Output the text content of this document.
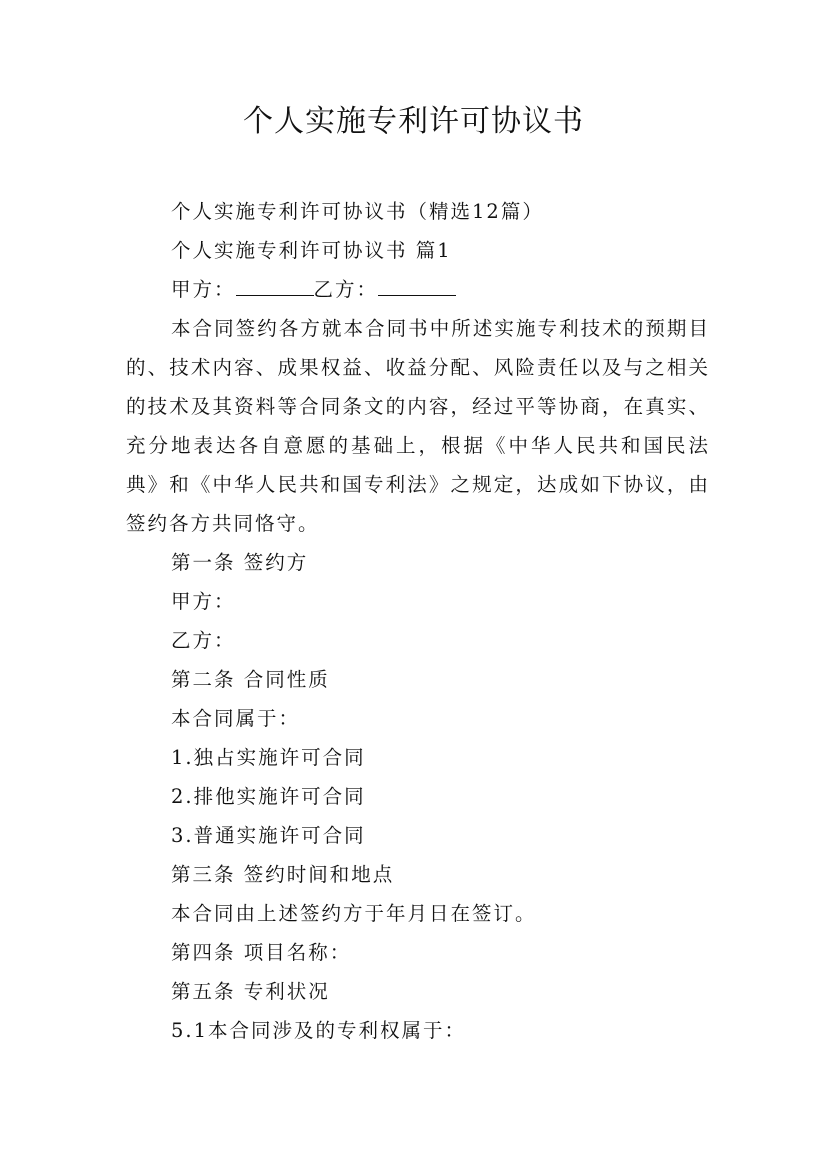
个人实施专利许可协议书

个人实施专利许可协议书（精选12篇）

个人实施专利许可协议书 篇1

甲方：	乙方：

本合同签约各方就本合同书中所述实施专利技术的预期目的、技术内容、成果权益、收益分配、风险责任以及与之相关的技术及其资料等合同条文的内容，经过平等协商，在真实、充分地表达各自意愿的基础上，根据《中华人民共和国民法典》和《中华人民共和国专利法》之规定，达成如下协议，由签约各方共同恪守。

第一条 签约方

甲方：

乙方：

第二条 合同性质

本合同属于：

1.独占实施许可合同

2.排他实施许可合同

3.普通实施许可合同

第三条 签约时间和地点

本合同由上述签约方于年月日在签订。

第四条 项目名称：

第五条 专利状况

5.1本合同涉及的专利权属于：
